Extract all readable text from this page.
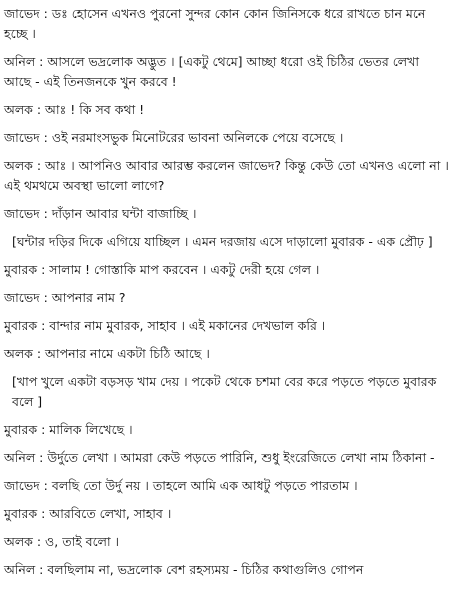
জাভেদ : ডঃ হোসেন এখনও পুরনো সুন্দর কোন কোন জিনিসকে ধরে রাখতে চান মনে হচ্ছে ।

অনিল : আসলে ভদ্রলোক অদ্ভুত । [একটু থেমে] আচ্ছা ধরো ওই চিঠির ভেতর লেখা আছে - এই তিনজনকে খুন করবে !

অলক : আঃ ! কি সব কথা !

জাভেদ : ওই নরমাংসভুক মিনোটরের ভাবনা অনিলকে পেয়ে বসেছে ।

অলক : আঃ । আপনিও আবার আরম্ভ করলেন জাভেদ? কিন্তু কেউ তো এখনও এলো না । এই থমথমে অবস্থা ভালো লাগে?

জাভেদ : দাঁড়ান আবার ঘন্টা বাজাচ্ছি ।

[ঘন্টার দড়ির দিকে এগিয়ে যাচ্ছিল । এমন দরজায় এসে দাড়ালো মুবারক - এক প্রৌঢ় ]

মুবারক : সালাম ! গোস্তাকি মাপ করবেন । একটু দেরী হয়ে গেল ।

জাভেদ : আপনার নাম ?

মুবারক : বান্দার নাম মুবারক, সাহাব । এই মকানের দেখভাল করি ।

অলক : আপনার নামে একটা চিঠি আছে ।

[খাপ খুলে একটা বড়সড় খাম দেয় । পকেট থেকে চশমা বের করে পড়তে পড়তে মুবারক বলে ]

মুবারক : মালিক লিখেছে ।

অনিল : উর্দুতে লেখা । আমরা কেউ পড়তে পারিনি, শুধু ইংরেজিতে লেখা নাম ঠিকানা -

জাভেদ : বলছি তো উর্দু নয় । তাহলে আমি এক আধটু পড়তে পারতাম ।

মুবারক : আরবিতে লেখা, সাহাব ।

অলক : ও, তাই বলো ।

অনিল : বলছিলাম না, ভদ্রলোক বেশ রহস্যময় - চিঠির কথাগুলিও গোপন
